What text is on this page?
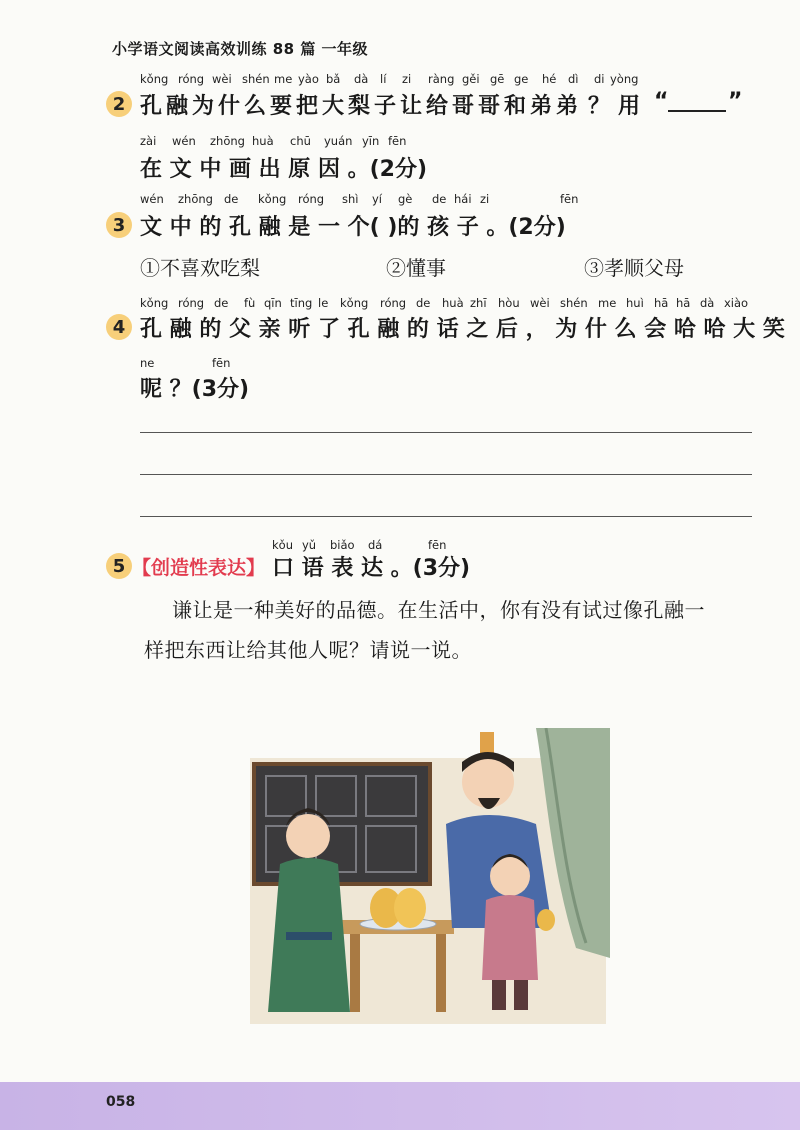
小学语文阅读高效训练 88 篇 一年级
kǒng róng wèi shén me yào bǎ dà lí zi ràng gěi gē ge hé dì di yòng
2 孔 融 为 什 么 要 把 大 梨 子 让 给 哥 哥 和 弟 弟 ？ 用 “	”
zài wén zhōng huà chū yuán yīn fēn
在 文 中 画 出 原 因 。(2分)
wén zhōng de kǒng róng shì yí gè de hái zi	fēn
3 文 中 的 孔 融 是 一 个( )的 孩 子 。(2分)
①不喜欢吃梨	②懂事	③孝顺父母
kǒng róng de fù qīn tīng le kǒng róng de huà zhī hòu wèi shén me huì hā hā dà xiào
4 孔 融 的 父 亲 听 了 孔 融 的 话 之 后 ， 为 什 么 会 哈 哈 大 笑
ne	fēn
呢 ？(3分)
kǒu yǔ biǎo dá	fēn
5 【创造性表达】 口 语 表 达 。(3分)
谦让是一种美好的品德。在生活中，你有没有试过像孔融一
样把东西让给其他人呢？请说一说。
058
